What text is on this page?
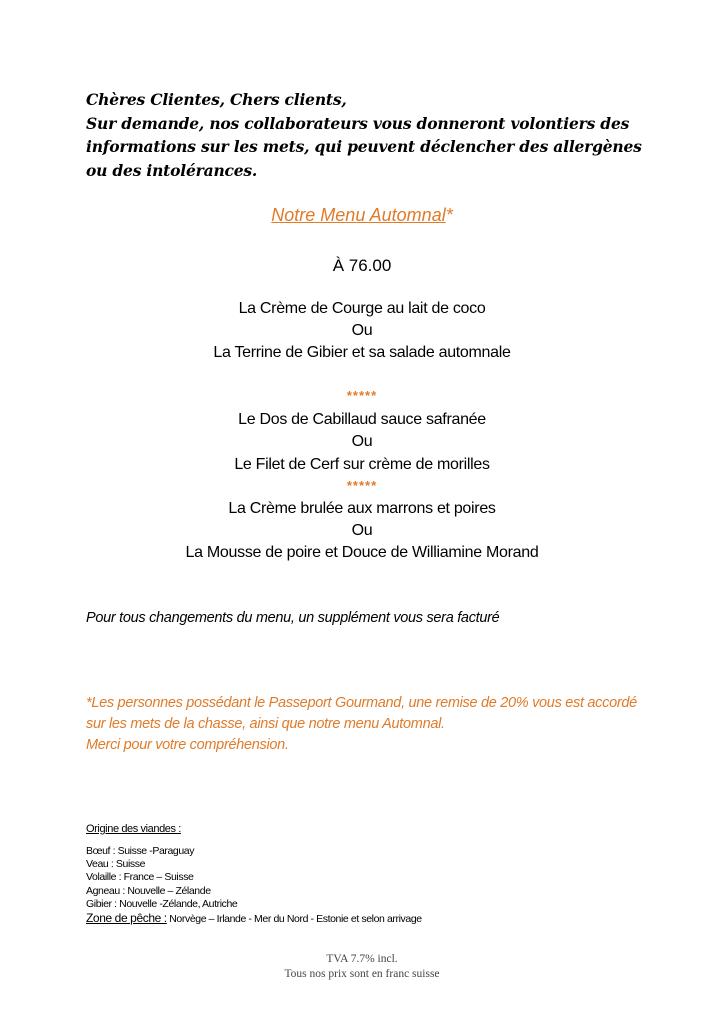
Chères Clientes, Chers clients,
Sur demande, nos collaborateurs vous donneront volontiers des informations sur les mets, qui peuvent déclencher des allergènes ou des intolérances.
Notre Menu Automnal*
À 76.00
La Crème de Courge au lait de coco
Ou
La Terrine de Gibier et sa salade automnale
*****
Le Dos de Cabillaud sauce safranée
Ou
Le Filet de Cerf sur crème de morilles
*****
La Crème brulée aux marrons et poires
Ou
La Mousse de poire et Douce de Williamine Morand
Pour tous changements du menu, un supplément vous sera facturé
*Les personnes possédant le Passeport Gourmand, une remise de 20% vous est accordé sur les mets de la chasse, ainsi que notre menu Automnal.
Merci pour votre compréhension.
Origine des viandes :
Bœuf : Suisse -Paraguay
Veau : Suisse
Volaille : France – Suisse
Agneau : Nouvelle – Zélande
Gibier : Nouvelle -Zélande, Autriche
Zone de pêche : Norvège – Irlande - Mer du Nord - Estonie et selon arrivage
TVA 7.7% incl.
Tous nos prix sont en franc suisse
